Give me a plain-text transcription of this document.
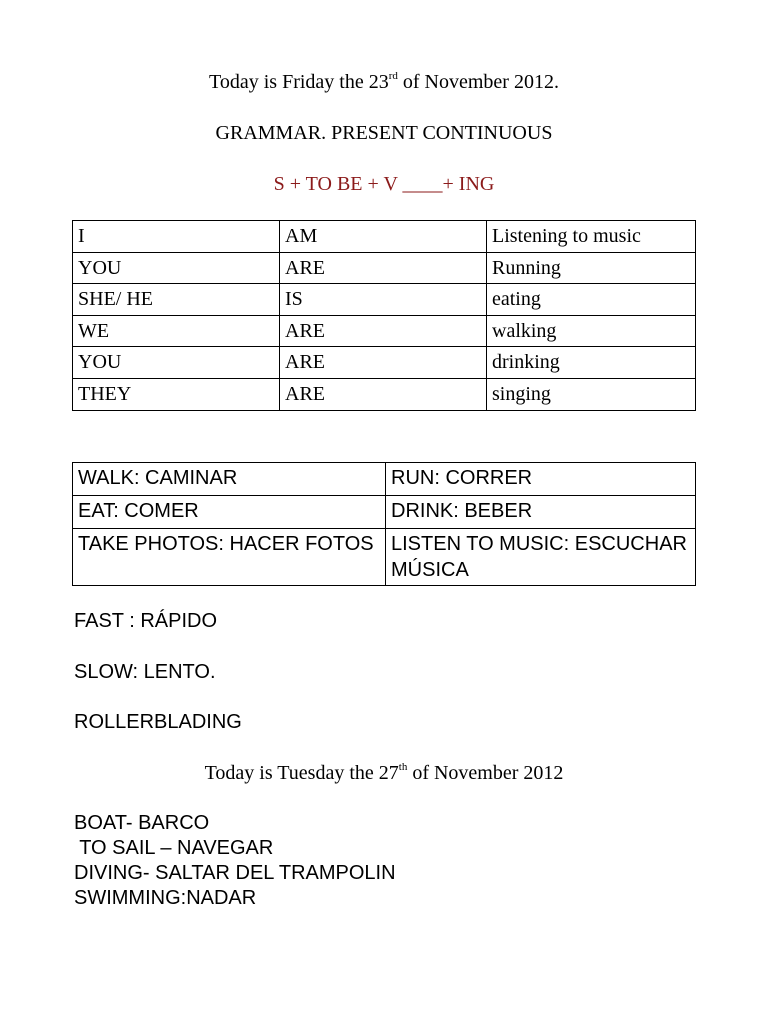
Today is Friday the 23rd of November 2012.
GRAMMAR. PRESENT CONTINUOUS
S + TO BE + V ____+ ING
I	AM	Listening to music
YOU	ARE	Running
SHE/ HE	IS	eating
WE	ARE	walking
YOU	ARE	drinking
THEY	ARE	singing
WALK: CAMINAR	RUN: CORRER
EAT: COMER	DRINK: BEBER
TAKE PHOTOS: HACER FOTOS	LISTEN TO MUSIC: ESCUCHAR MÚSICA
FAST : RÁPIDO
SLOW: LENTO.
ROLLERBLADING
Today is Tuesday the 27th of November 2012
BOAT- BARCO
TO SAIL – NAVEGAR
DIVING- SALTAR DEL TRAMPOLIN
SWIMMING:NADAR
